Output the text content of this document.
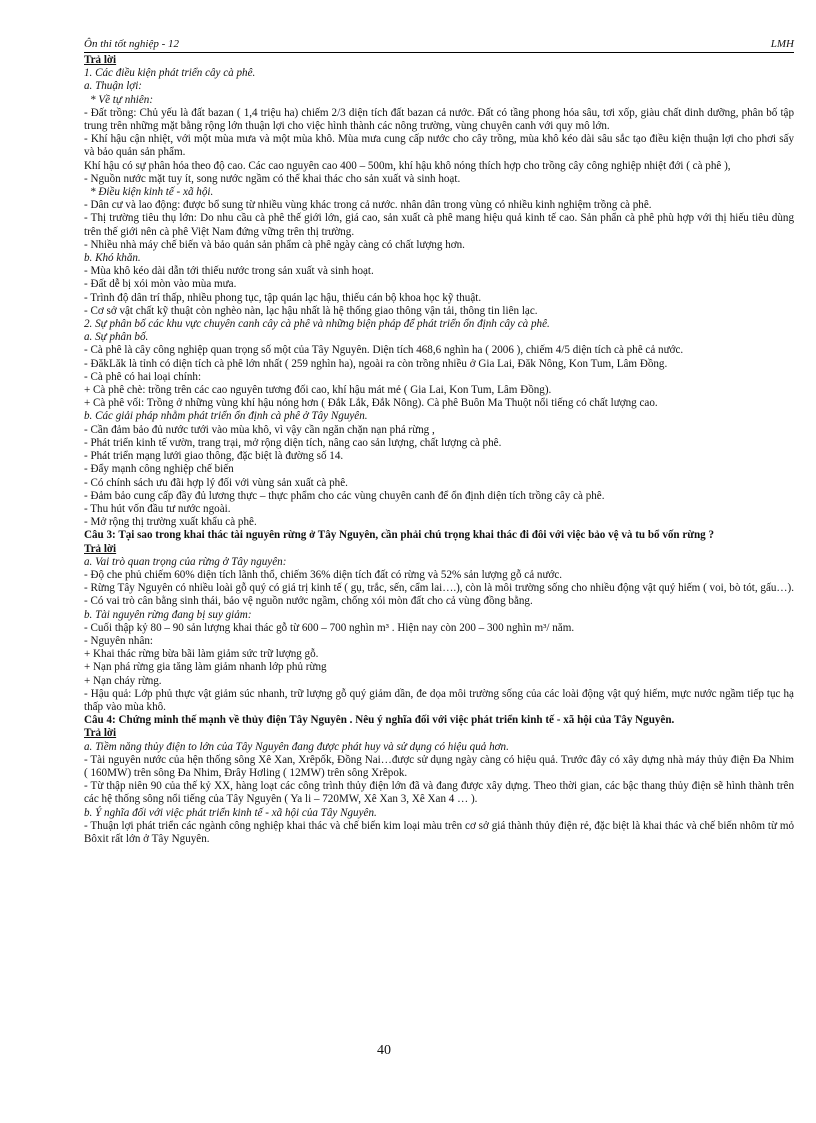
Ôn thi tốt nghiệp - 12	LMH
Trả lời
1. Các điều kiện phát triển cây cà phê.
a. Thuận lợi:
* Về tự nhiên:
- Đất trồng: Chủ yếu là đất bazan ( 1,4 triệu ha) chiếm 2/3 diện tích đất bazan cả nước. Đất có tầng phong hóa sâu, tơi xốp, giàu chất dinh dưỡng, phân bố tập trung trên những mặt bằng rộng lớn thuận lợi cho việc hình thành các nông trường, vùng chuyên canh với quy mô lớn.
- Khí hậu cận nhiệt, với một mùa mưa và một mùa khô. Mùa mưa cung cấp nước cho cây trồng, mùa khô kéo dài sâu sắc tạo điều kiện thuận lợi cho phơi sấy và bảo quản sản phẩm.
Khí hậu có sự phân hóa theo độ cao. Các cao nguyên cao 400 – 500m, khí hậu khô nóng thích hợp cho trồng cây công nghiệp nhiệt đới ( cà phê ),
- Nguồn nước mặt tuy ít, song nước ngầm có thể khai thác cho sản xuất và sinh hoạt.
* Điều kiện kinh tế - xã hội.
- Dân cư và lao động: được bổ sung từ nhiều vùng khác trong cả nước. nhân dân trong vùng có nhiều kinh nghiệm trồng cà phê.
- Thị trường tiêu thụ lớn: Do nhu cầu cà phê thế giới lớn, giá cao, sản xuất cà phê mang hiệu quả kinh tế cao. Sản phẩn cà phê phù hợp với thị hiếu tiêu dùng trên thế giới nên cà phê Việt Nam đứng vững trên thị trường.
- Nhiều nhà máy chế biến và bảo quản sản phẩm cà phê ngày càng có chất lượng hơn.
b. Khó khăn.
- Mùa khô kéo dài dẫn tới thiếu nước trong sản xuất và sinh hoạt.
- Đất dễ bị xói mòn vào mùa mưa.
- Trình độ dân trí thấp, nhiều phong tục, tập quán lạc hậu, thiếu cán bộ khoa học kỹ thuật.
- Cơ sở vật chất kỹ thuật còn nghèo nàn, lạc hậu nhất là hệ thống giao thông vận tải, thông tin liên lạc.
2. Sự phân bố các khu vực chuyên canh cây cà phê và những biện pháp để phát triển ổn định cây cà phê.
a. Sự phân bố.
- Cà phê là cây công nghiệp quan trọng số một của Tây Nguyên. Diện tích 468,6 nghìn ha ( 2006 ), chiếm 4/5 diện tích cà phê cả nước.
- ĐăkLăk là tỉnh có diện tích cà phê lớn nhất ( 259 nghìn ha), ngoài ra còn trồng nhiều ở Gia Lai, Đăk Nông, Kon Tum, Lâm Đồng.
- Cà phê có hai loại chính:
+ Cà phê chè: trồng trên các cao nguyên tương đối cao, khí hậu mát mẻ ( Gia Lai, Kon Tum, Lâm Đồng).
+ Cà phê vối: Trồng ở những vùng khí hậu nóng hơn ( Đắk Lắk, Đắk Nông). Cà phê Buôn Ma Thuột nổi tiếng có chất lượng cao.
b. Các giải pháp nhằm phát triển ổn định cà phê ở Tây Nguyên.
- Cần đảm bảo đủ nước tưới vào mùa khô, vì vậy cần ngăn chặn nạn phá rừng ,
- Phát triển kinh tế vườn, trang trại, mở rộng diện tích, nâng cao sản lượng, chất lượng cà phê.
- Phát triển mạng lưới giao thông, đặc biệt là đường số 14.
- Đẩy mạnh công nghiệp chế biến
- Có chính sách ưu đãi hợp lý đối với vùng sản xuất cà phê.
- Đảm bảo cung cấp đầy đủ lương thực – thực phẩm cho các vùng chuyên canh để ổn định diện tích trồng cây cà phê.
- Thu hút vốn đầu tư nước ngoài.
- Mở rộng thị trường xuất khẩu cà phê.
Câu 3: Tại sao trong khai thác tài nguyên rừng ở Tây Nguyên, cần phải chú trọng khai thác đi đôi với việc bảo vệ và tu bổ vốn rừng ?
Trả lời
a. Vai trò quan trọng của rừng ở Tây nguyên:
- Độ che phủ chiếm 60% diện tích lãnh thổ, chiếm 36% diện tích đất có rừng và 52% sản lượng gỗ cả nước.
- Rừng Tây Nguyên có nhiều loài gỗ quý có giá trị kinh tế ( gụ, trắc, sến, cẩm lai….), còn là môi trường sống cho nhiều động vật quý hiếm ( voi, bò tót, gấu…).
- Có vai trò cân bằng sinh thái, bảo vệ nguồn nước ngầm, chống xói mòn đất cho cả vùng đồng bằng.
b. Tài nguyên rừng đang bị suy giảm:
- Cuối thập kỷ 80 – 90 sản lượng khai thác gỗ từ 600 – 700 nghìn m³ . Hiện nay còn 200 – 300 nghìn m³/ năm.
- Nguyên nhân:
+ Khai thác rừng bừa bãi làm giảm sức trữ lượng gỗ.
+ Nạn phá rừng gia tăng làm giảm nhanh lớp phủ rừng
+ Nạn cháy rừng.
- Hậu quả: Lớp phủ thực vật giảm súc nhanh, trữ lượng gỗ quý giảm dần, đe dọa môi trường sống của các loài động vật quý hiếm, mực nước ngầm tiếp tục hạ thấp vào mùa khô.
Câu 4: Chứng minh thế mạnh về thủy điện Tây Nguyên . Nêu ý nghĩa đối với việc phát triển kinh tế - xã hội của Tây Nguyên.
Trả lời
a. Tiềm năng thủy điện to lớn của Tây Nguyên đang được phát huy và sử dụng có hiệu quả hơn.
- Tài nguyên nước của hện thống sông Xê Xan, Xrêpốk, Đồng Nai…được sử dụng ngày càng có hiệu quả. Trước đây có xây dựng nhà máy thủy điện Đa Nhim ( 160MW) trên sông Đa Nhim, Đrây Hơling ( 12MW) trên sông Xrêpok.
- Từ thập niên 90 của thế kỷ XX, hàng loạt các công trình thủy điện lớn đã và đang được xây dựng. Theo thời gian, các bậc thang thủy điện sẽ hình thành trên các hệ thống sông nổi tiếng của Tây Nguyên ( Ya li – 720MW, Xê Xan 3, Xê Xan 4 … ).
b. Ý nghĩa đối với việc phát triển kinh tế - xã hội của Tây Nguyên.
- Thuận lợi phát triển các ngành công nghiệp khai thác và chế biến kim loại màu trên cơ sở giá thành thủy điện rẻ, đặc biệt là khai thác và chế biến nhôm từ mỏ Bôxit rất lớn ở Tây Nguyên.
40
